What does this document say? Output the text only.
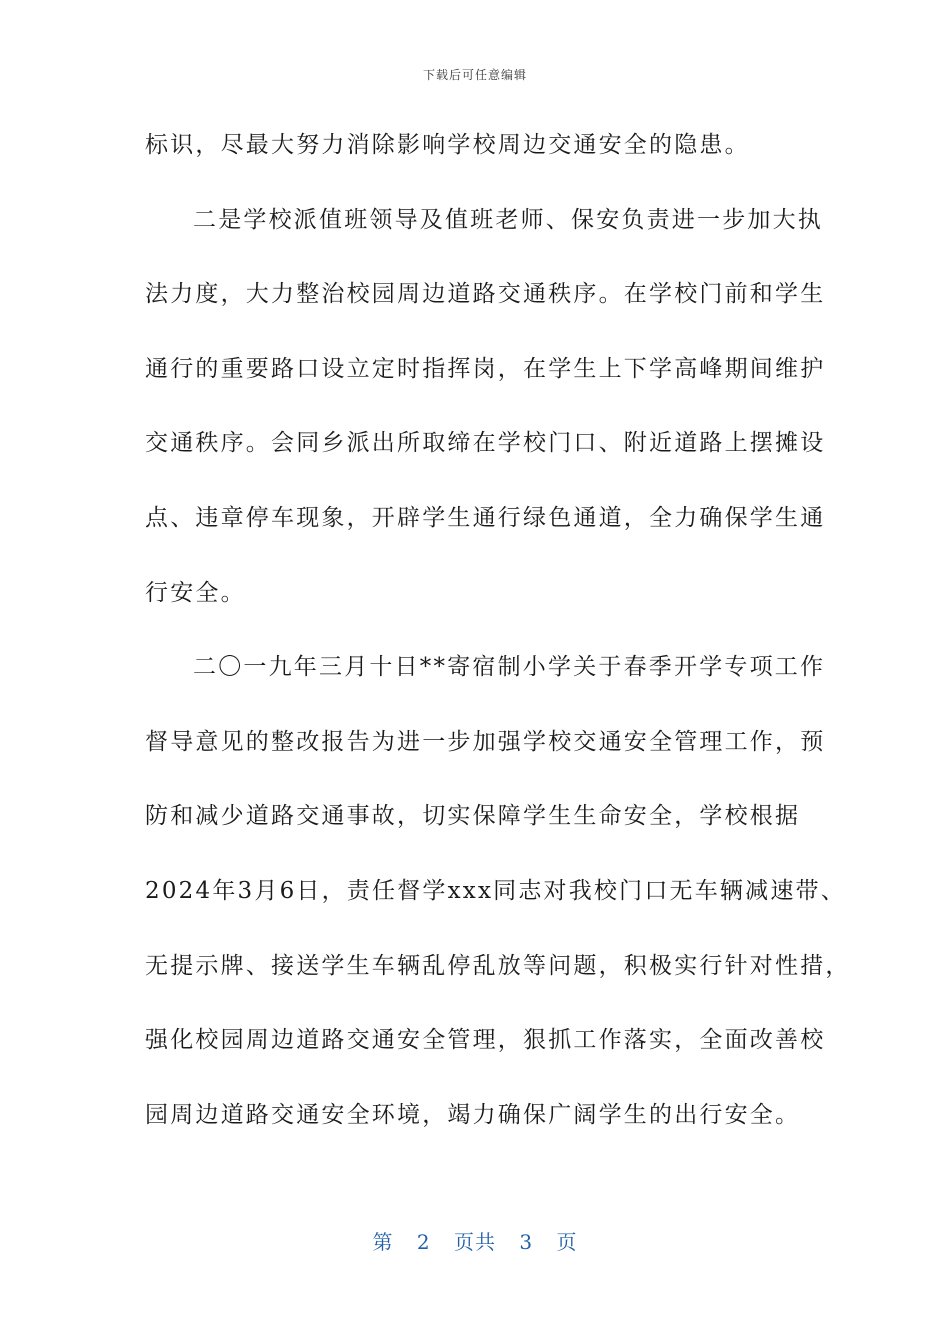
下载后可任意编辑
标识，尽最大努力消除影响学校周边交通安全的隐患。
二是学校派值班领导及值班老师、保安负责进一步加大执
法力度，大力整治校园周边道路交通秩序。在学校门前和学生
通行的重要路口设立定时指挥岗，在学生上下学高峰期间维护
交通秩序。会同乡派出所取缔在学校门口、附近道路上摆摊设
点、违章停车现象，开辟学生通行绿色通道，全力确保学生通
行安全。
二〇一九年三月十日**寄宿制小学关于春季开学专项工作
督导意见的整改报告为进一步加强学校交通安全管理工作，预
防和减少道路交通事故，切实保障学生生命安全，学校根据
2024年3月6日，责任督学xxx同志对我校门口无车辆减速带、
无提示牌、接送学生车辆乱停乱放等问题，积极实行针对性措，
强化校园周边道路交通安全管理，狠抓工作落实，全面改善校
园周边道路交通安全环境，竭力确保广阔学生的出行安全。
第 2 页共 3 页
